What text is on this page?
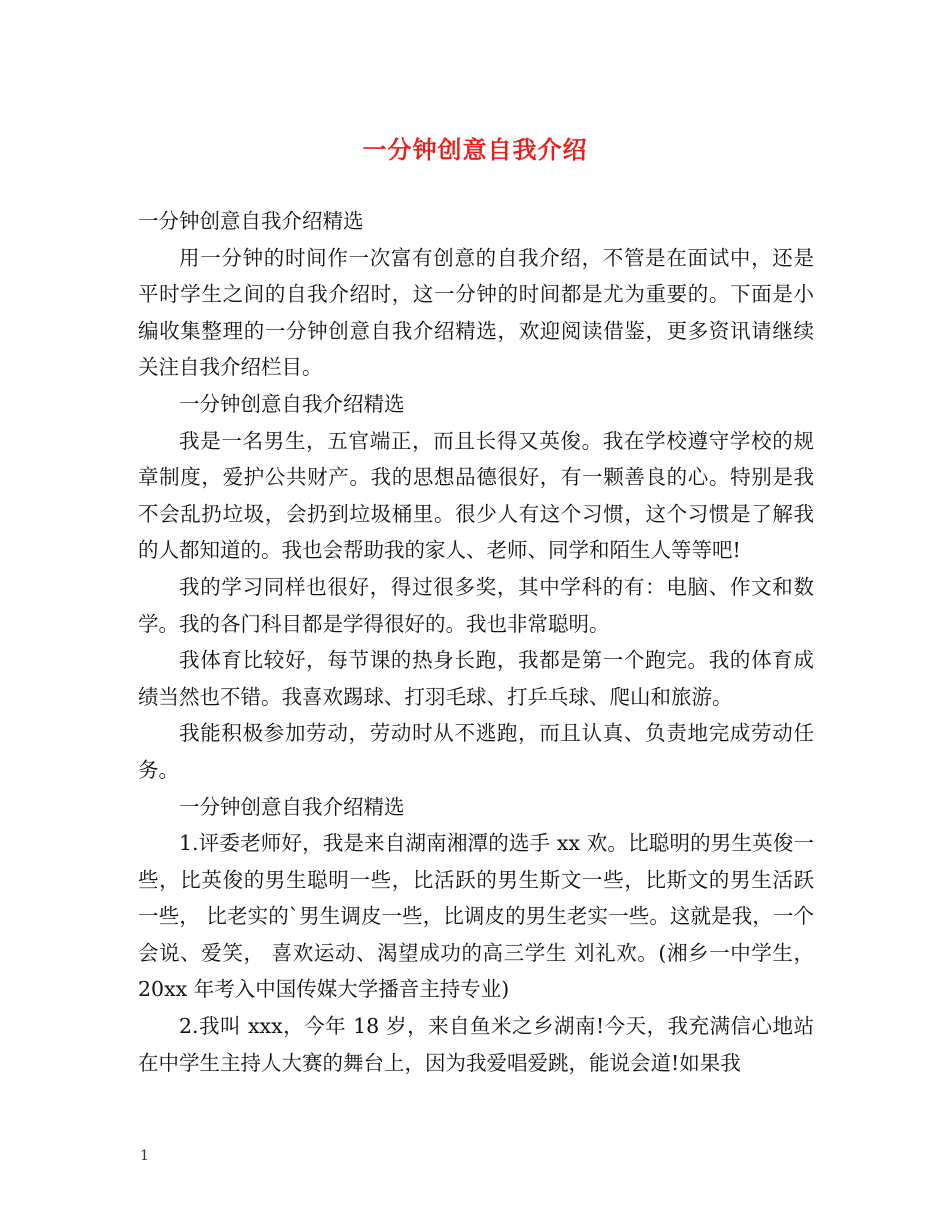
一分钟创意自我介绍

一分钟创意自我介绍精选

用一分钟的时间作一次富有创意的自我介绍，不管是在面试中，还是平时学生之间的自我介绍时，这一分钟的时间都是尤为重要的。下面是小编收集整理的一分钟创意自我介绍精选，欢迎阅读借鉴，更多资讯请继续关注自我介绍栏目。

一分钟创意自我介绍精选

我是一名男生，五官端正，而且长得又英俊。我在学校遵守学校的规章制度，爱护公共财产。我的思想品德很好，有一颗善良的心。特别是我不会乱扔垃圾，会扔到垃圾桶里。很少人有这个习惯，这个习惯是了解我的人都知道的。我也会帮助我的家人、老师、同学和陌生人等等吧!

我的学习同样也很好，得过很多奖，其中学科的有：电脑、作文和数学。我的各门科目都是学得很好的。我也非常聪明。

我体育比较好，每节课的热身长跑，我都是第一个跑完。我的体育成绩当然也不错。我喜欢踢球、打羽毛球、打乒乓球、爬山和旅游。

我能积极参加劳动，劳动时从不逃跑，而且认真、负责地完成劳动任务。

一分钟创意自我介绍精选

1.评委老师好，我是来自湖南湘潭的选手 xx 欢。比聪明的男生英俊一 些，比英俊的男生聪明一些，比活跃的男生斯文一些，比斯文的男生活跃一些， 比老实的`男生调皮一些，比调皮的男生老实一些。这就是我，一个会说、爱笑， 喜欢运动、渴望成功的高三学生 刘礼欢。(湘乡一中学生，20xx 年考入中国传媒大学播音主持专业)

2.我叫 xxx，今年 18 岁，来自鱼米之乡湖南!今天，我充满信心地站 在中学生主持人大赛的舞台上，因为我爱唱爱跳，能说会道!如果我

1
